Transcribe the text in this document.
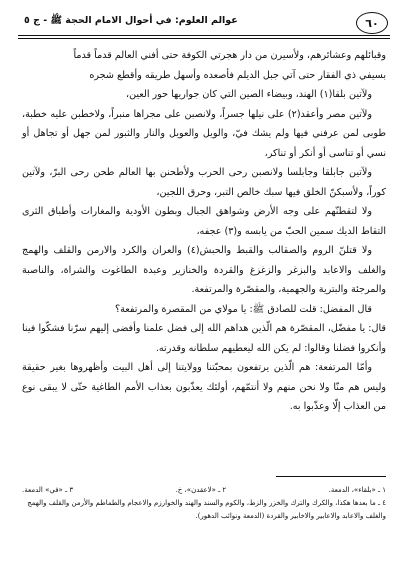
٦٠
عوالم العلوم: في أحوال الامام الحجة ﷺ - ج ٥

وقبائلهم وعشائرهم، ولأسيرن من دار هجرتي الكوفة حتى أفني العالم قدماً قدماً

بسيفي ذي الفقار حتى آتي جبل الديلم فأصعده وأسهل طريقه وأقطع شجره

ولآتين بلقا(١) الهند، وبيضاء الصين التي كان جواريها حور العين،

ولآتين مصر وأعقد(٢) على نيلها جسراً، ولانصبن على مجراها منبراً، ولاخطبن عليه خطبة، طوبى لمن عرفني فيها ولم يشك فيّ، والويل والعويل والنار والثبور لمن جهل أو تجاهل أو نسي أو تناسى أو أنكر أو تناكر،

ولآتين جابلقا وجابلسا ولانصبن رحى الحرب ولأطحنن بها العالم طحن رحى البرّ، ولآتين كوراً، ولأسبكنّ الخلق فيها سبك خالص التبر، وحرق اللجين،

ولا لتقطنّهم على وجه الأرض وشواهق الجبال وبطون الأودية والمغارات وأطباق الثرى التقاط الديك سمين الحبّ من يابسه و(٣) عجفه،

ولا قتلنّ الروم والصقالب والقبط والحبش(٤) والعران والكرد والارمن والقلف والهمج والغلف والاعابد والبزغر والزغزغ والقردة والخنازير وعبدة الطاغوت والشراة، والناصبة والمرجئة والبترية والجهمية، والمقصّرة والمرتفعة.

قال المفضل: قلت للصادق ﷺ: يا مولاي من المقصرة والمرتفعة؟

قال: يا مفضّل، المقصّرة هم الّذين هداهم الله إلى فضل علمنا وأفضى إليهم سرّنا فشكّوا فينا وأنكروا فضلنا وقالوا: لم يكن الله ليعطيهم سلطانه وقدرته.

وأمّا المرتفعة: هم الّذين يرتفعون بمحبّتنا وولايتنا إلى أهل البيت وأظهروها بغير حقيقة وليس هم منّا ولا نحن منهم ولا أنتمّهم، أولئك يعذّبون بعذاب الأمم الطاغية حتّى لا يبقى نوع من العذاب إلّا وعذّبوا به.

١ ـ «بلقاء»، الدمعة.
٢ ـ «لاعقدن»، خ.
٣ ـ «في» الدمعة.

٤ ـ ما بعدها هكذا، والكرك والترك والخزر والزط، والكوم والسند والهند والخوارزم والاعجام والطماطم والأرمن والقلف والهمج والغلف والاعابد والاعابير والاخابير والقردة (الدمعة ونوائب الدهور).
